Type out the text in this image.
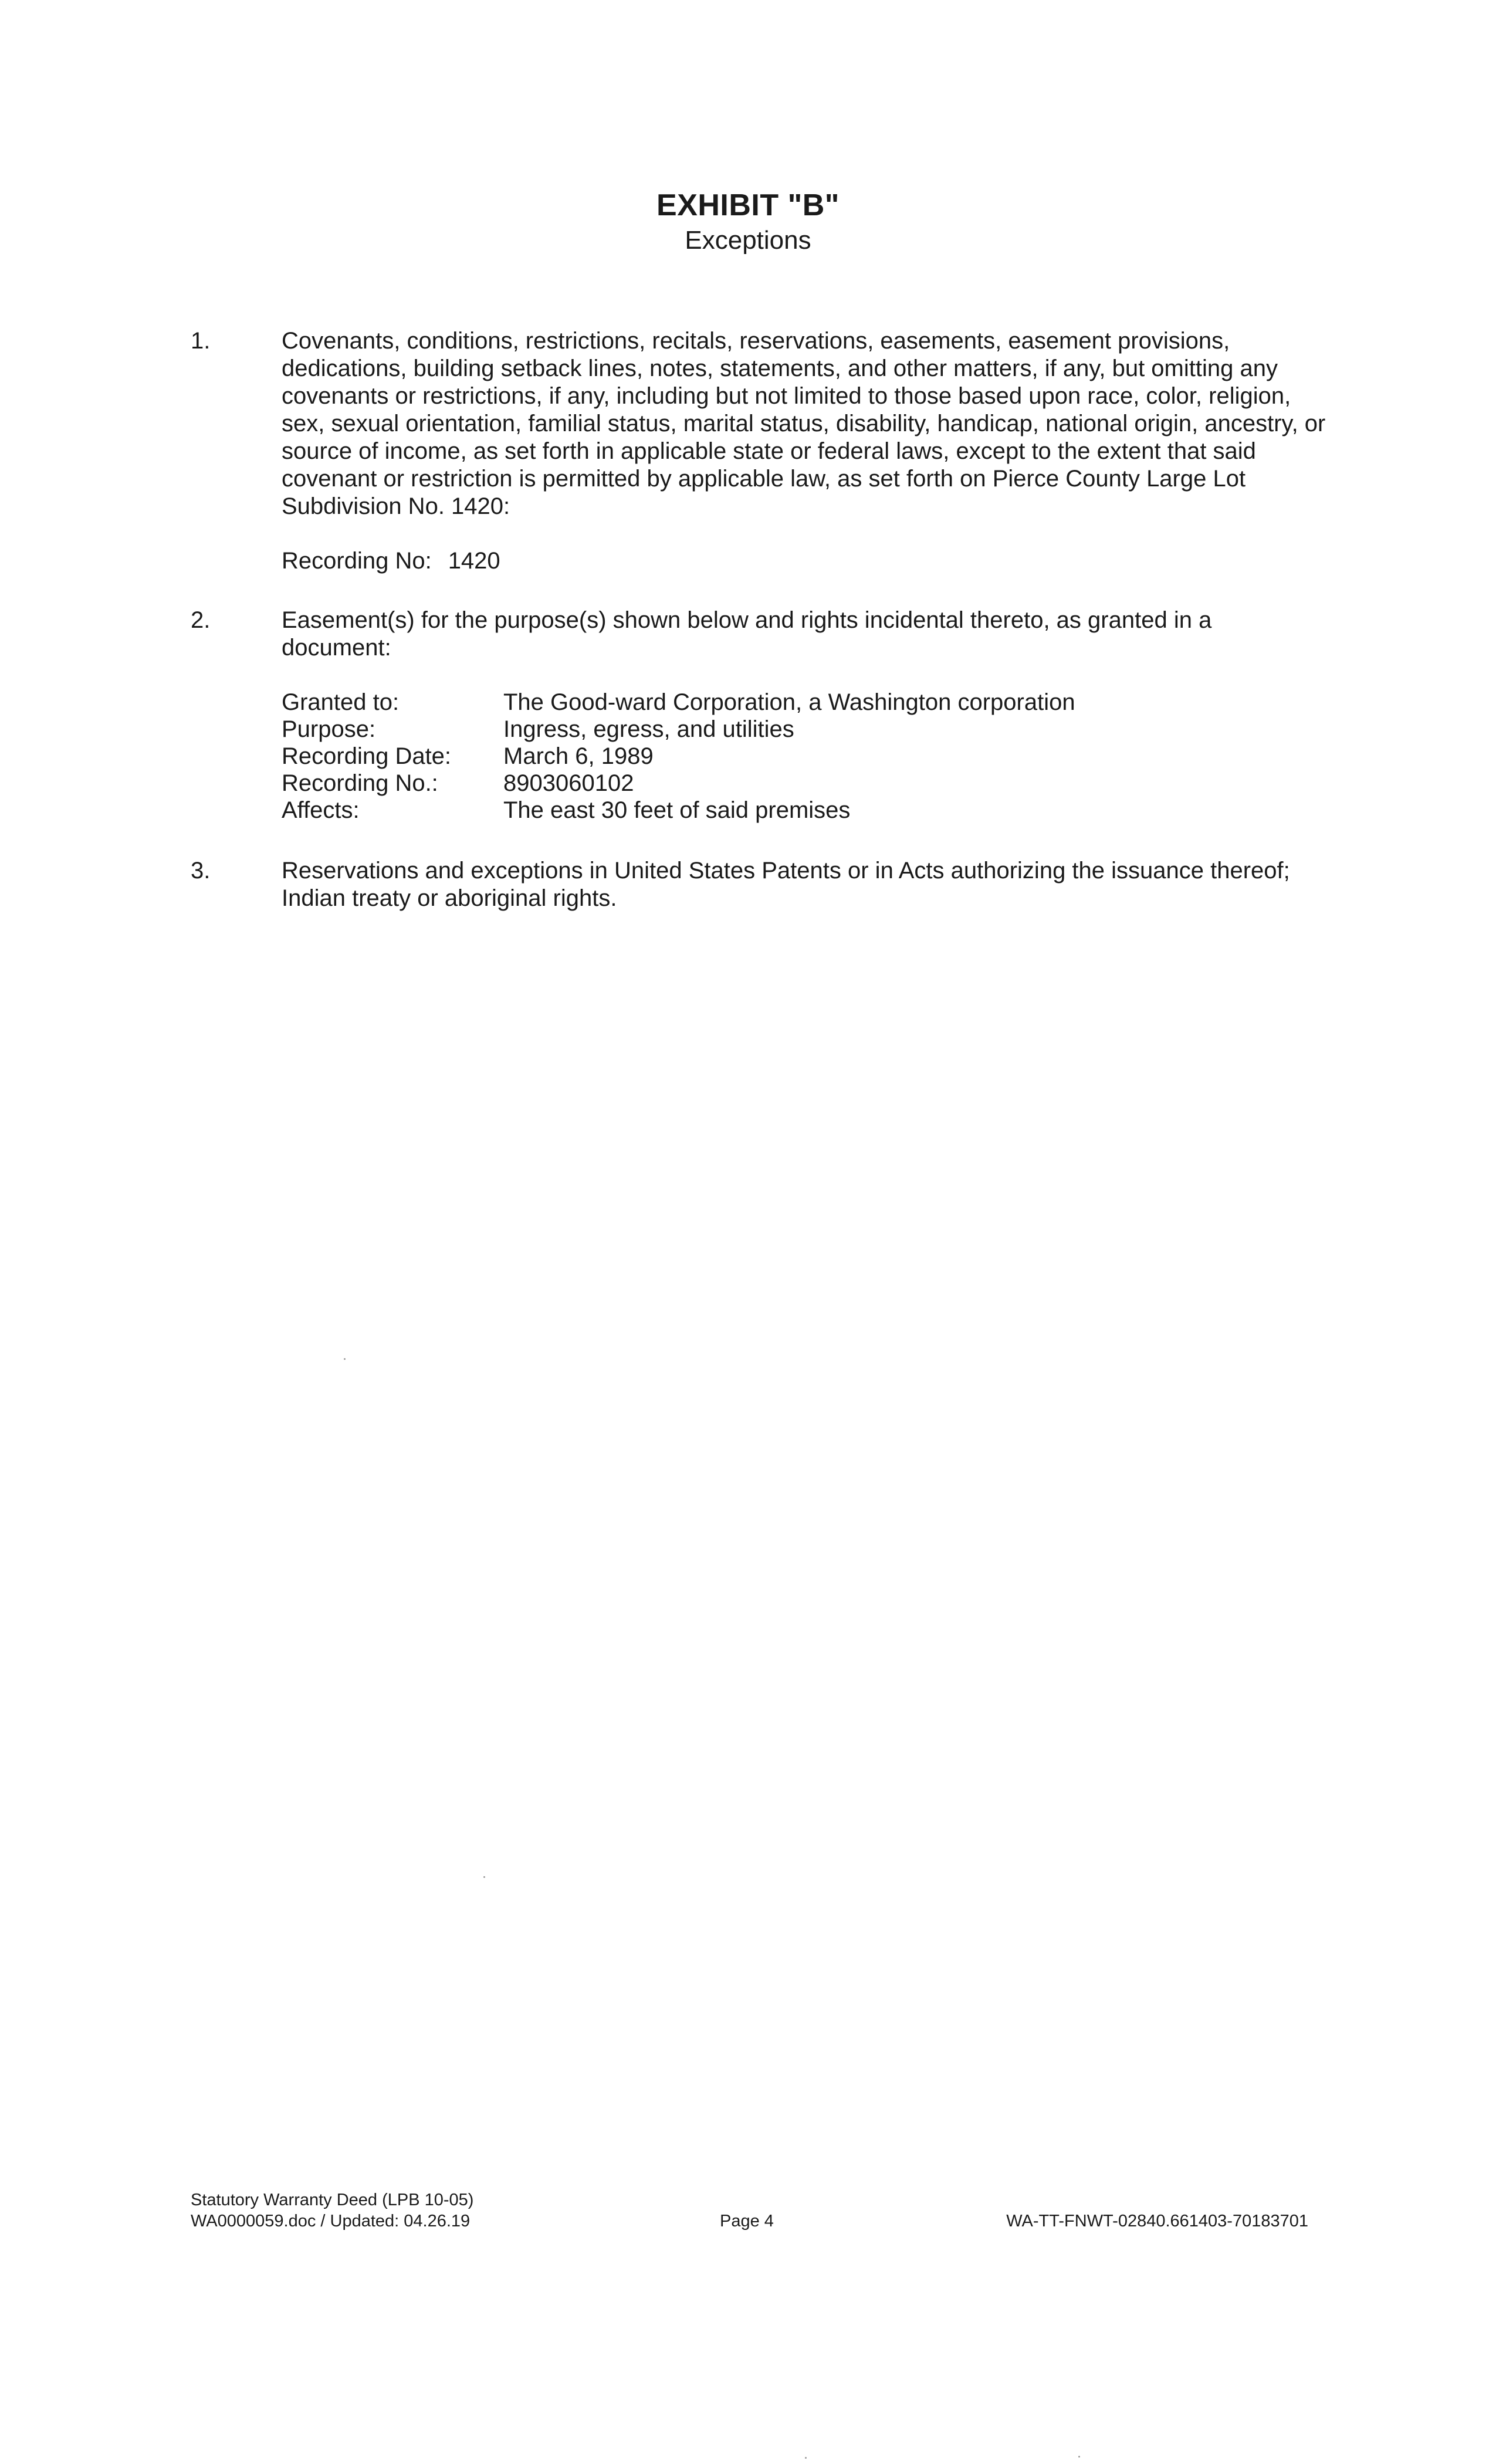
EXHIBIT "B"
Exceptions
1.	Covenants, conditions, restrictions, recitals, reservations, easements, easement provisions, dedications, building setback lines, notes, statements, and other matters, if any, but omitting any covenants or restrictions, if any, including but not limited to those based upon race, color, religion, sex, sexual orientation, familial status, marital status, disability, handicap, national origin, ancestry, or source of income, as set forth in applicable state or federal laws, except to the extent that said covenant or restriction is permitted by applicable law, as set forth on Pierce County Large Lot Subdivision No. 1420:

Recording No: 1420
2.	Easement(s) for the purpose(s) shown below and rights incidental thereto, as granted in a document:

Granted to:	The Good-ward Corporation, a Washington corporation
Purpose:	Ingress, egress, and utilities
Recording Date:	March 6, 1989
Recording No.:	8903060102
Affects:	The east 30 feet of said premises
3.	Reservations and exceptions in United States Patents or in Acts authorizing the issuance thereof; Indian treaty or aboriginal rights.

Statutory Warranty Deed (LPB 10-05)
WA0000059.doc / Updated: 04.26.19	Page 4	WA-TT-FNWT-02840.661403-70183701
